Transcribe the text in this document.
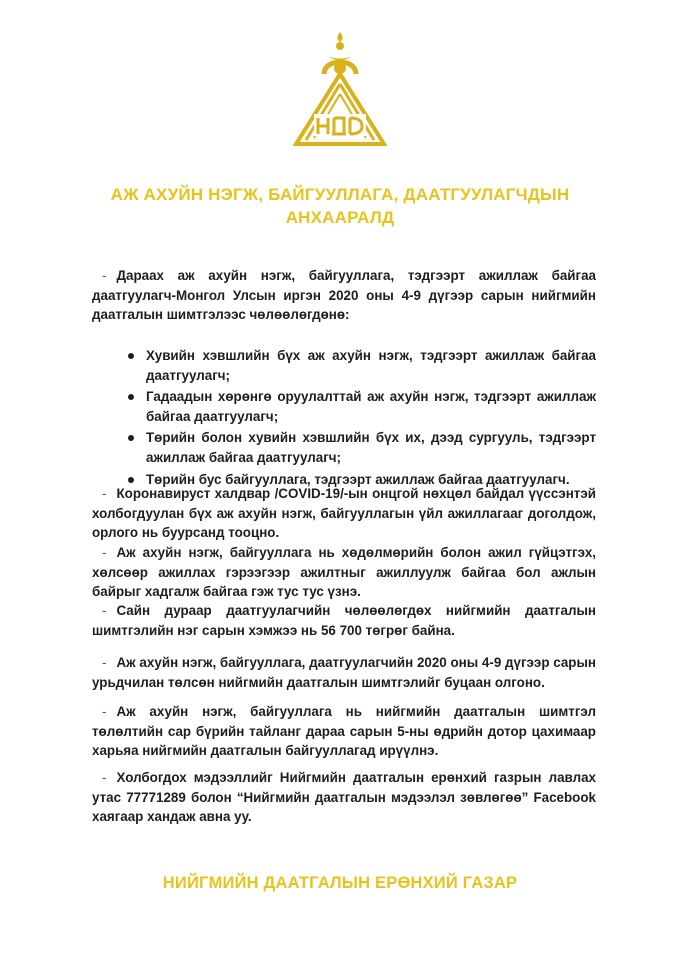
АЖ АХУЙН НЭГЖ, БАЙГУУЛЛАГА, ДААТГУУЛАГЧДЫН
АНХААРАЛД

- Дараах аж ахуйн нэгж, байгууллага, тэдгээрт ажиллаж байгаа даатгуулагч-Монгол Улсын иргэн 2020 оны 4-9 дүгээр сарын нийгмийн даатгалын шимтгэлээс чөлөөлөгдөнө:

Хувийн хэвшлийн бүх аж ахуйн нэгж, тэдгээрт ажиллаж байгаа даатгуулагч;
Гадаадын хөрөнгө оруулалттай аж ахуйн нэгж, тэдгээрт ажиллаж байгаа даатгуулагч;
Төрийн болон хувийн хэвшлийн бүх их, дээд сургууль, тэдгээрт ажиллаж байгаа даатгуулагч;
Төрийн бус байгууллага, тэдгээрт ажиллаж байгаа даатгуулагч.

- Коронавируст халдвар /COVID-19/-ын онцгой нөхцөл байдал үүссэнтэй холбогдуулан бүх аж ахуйн нэгж, байгууллагын үйл ажиллагааг доголдож, орлого нь буурсанд тооцно.

- Аж ахуйн нэгж, байгууллага нь хөдөлмөрийн болон ажил гүйцэтгэх, хөлсөөр ажиллах гэрээгээр ажилтныг ажиллуулж байгаа бол ажлын байрыг хадгалж байгаа гэж тус тус үзнэ.

- Сайн дураар даатгуулагчийн чөлөөлөгдөх нийгмийн даатгалын шимтгэлийн нэг сарын хэмжээ нь 56 700 төгрөг байна.

- Аж ахуйн нэгж, байгууллага, даатгуулагчийн 2020 оны 4-9 дүгээр сарын урьдчилан төлсөн нийгмийн даатгалын шимтгэлийг буцаан олгоно.

- Аж ахуйн нэгж, байгууллага нь нийгмийн даатгалын шимтгэл төлөлтийн сар бүрийн тайланг дараа сарын 5-ны өдрийн дотор цахимаар харьяа нийгмийн даатгалын байгууллагад ирүүлнэ.

- Холбогдох мэдээллийг Нийгмийн даатгалын ерөнхий газрын лавлах утас 77771289 болон “Нийгмийн даатгалын мэдээлэл зөвлөгөө” Facebook хаягаар хандаж авна уу.

НИЙГМИЙН ДААТГАЛЫН ЕРӨНХИЙ ГАЗАР
